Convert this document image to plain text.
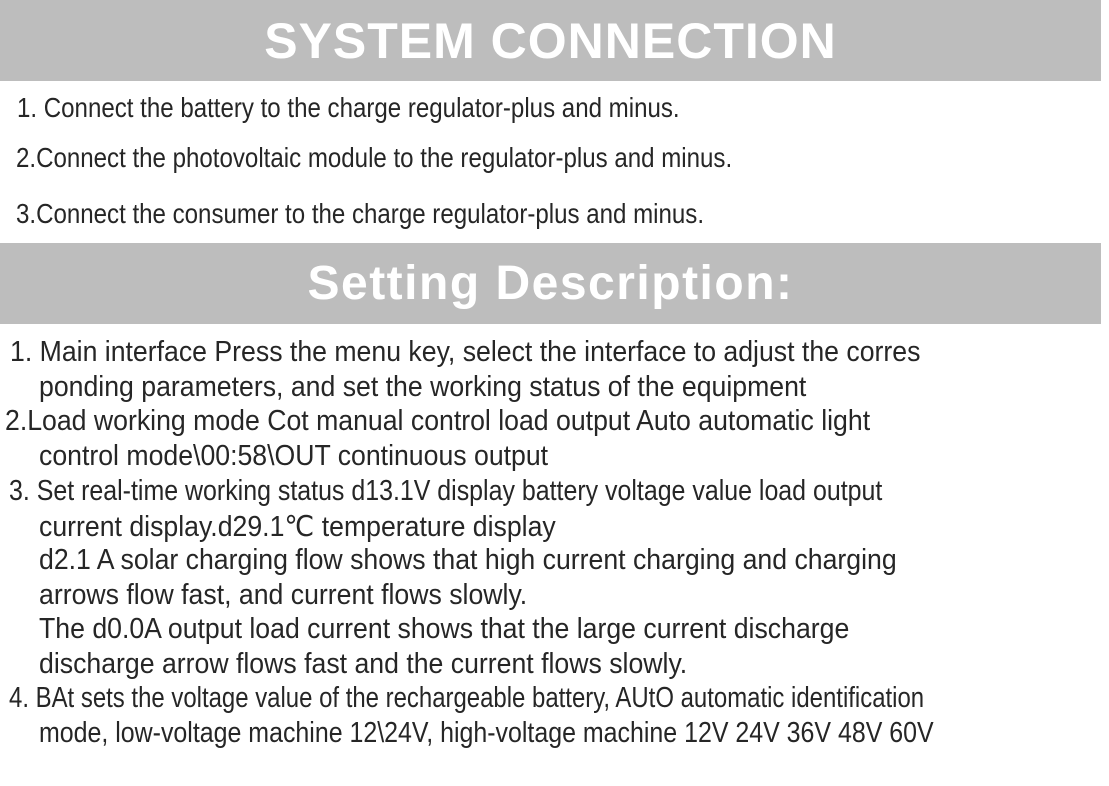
SYSTEM CONNECTION
1. Connect the battery to the charge regulator-plus and minus.
2.Connect the photovoltaic module to the regulator-plus and minus.
3.Connect the consumer to the charge regulator-plus and minus.
Setting Description:
1. Main interface Press the menu key, select the interface to adjust the corres
ponding parameters, and set the working status of the equipment
2.Load working mode Cot manual control load output Auto automatic light
control mode\00:58\OUT continuous output
3. Set real-time working status d13.1V display battery voltage value load output
current display.d29.1℃ temperature display
d2.1 A solar charging flow shows that high current charging and charging
arrows flow fast, and current flows slowly.
The d0.0A output load current shows that the large current discharge
discharge arrow flows fast and the current flows slowly.
4. BAt sets the voltage value of the rechargeable battery, AUtO automatic identification
mode, low-voltage machine 12\24V, high-voltage machine 12V 24V 36V 48V 60V
